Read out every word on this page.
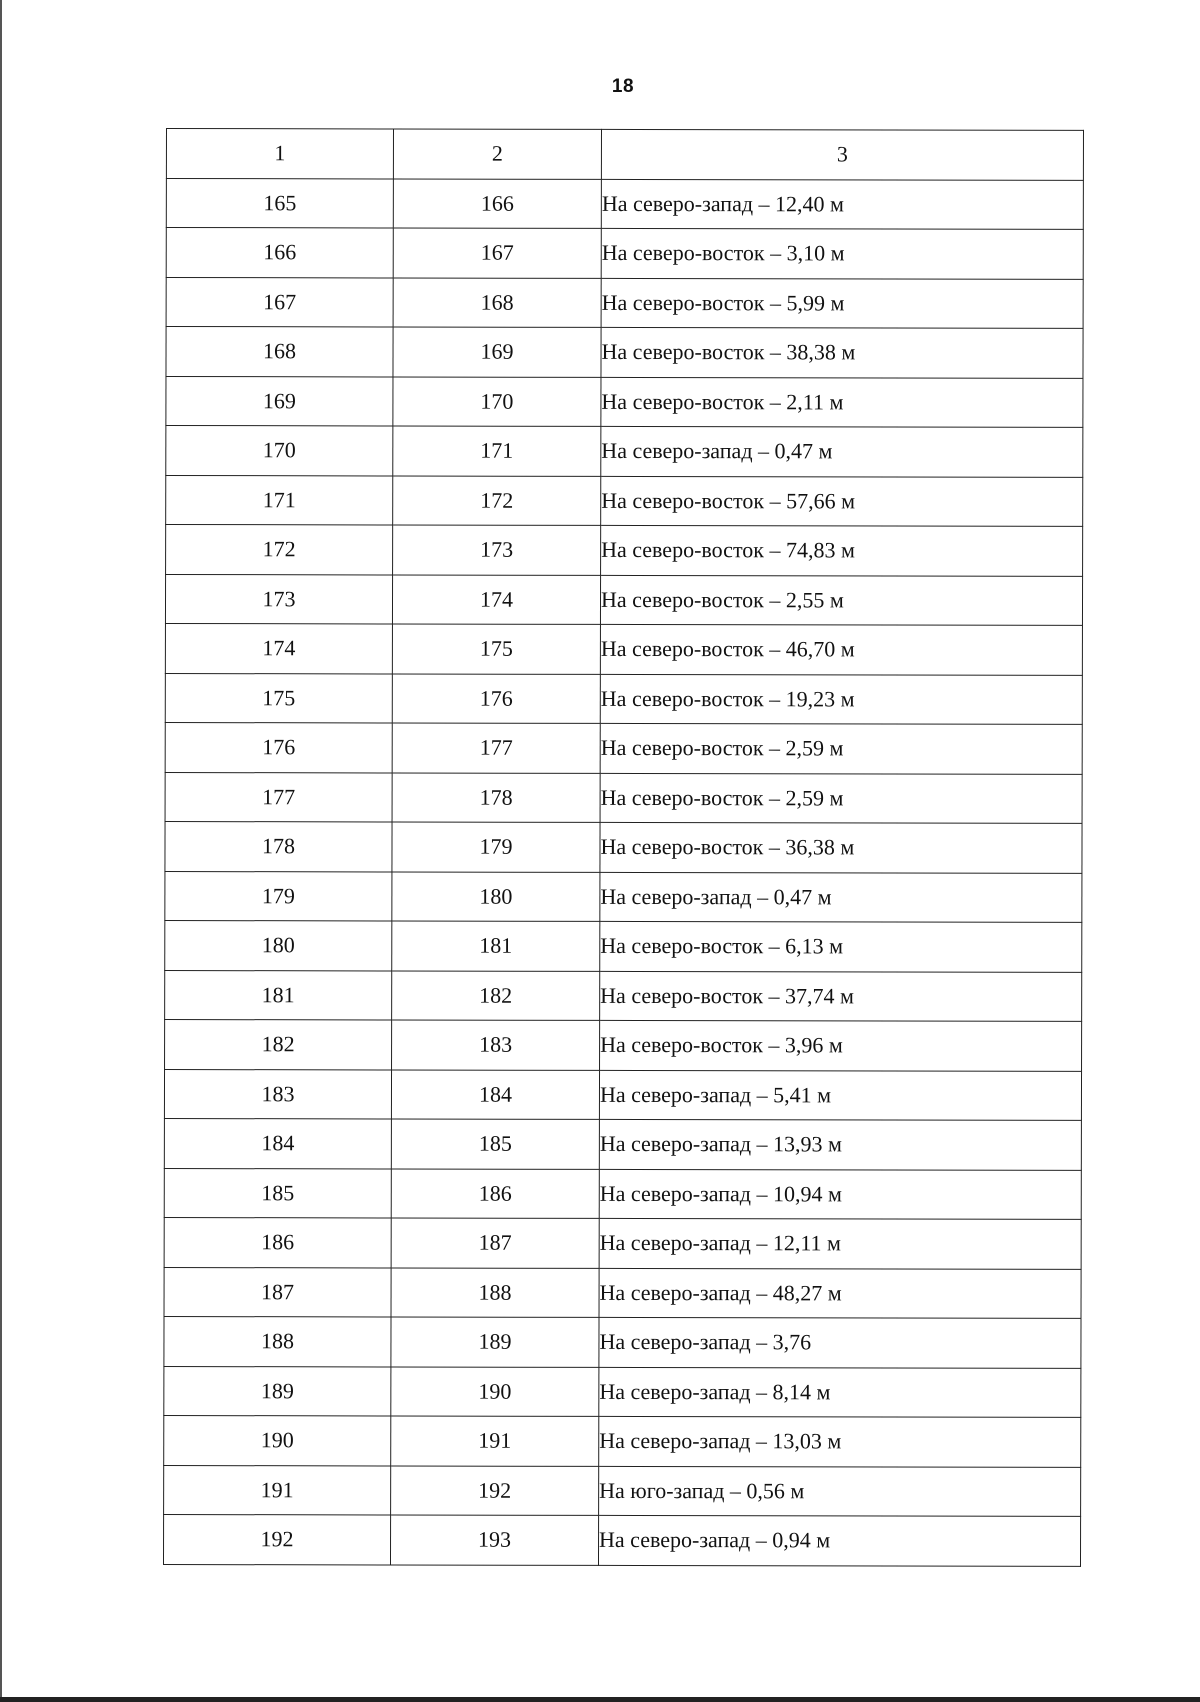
18
1	2	3
165	166	На северо-запад – 12,40 м
166	167	На северо-восток – 3,10 м
167	168	На северо-восток – 5,99 м
168	169	На северо-восток – 38,38 м
169	170	На северо-восток – 2,11 м
170	171	На северо-запад – 0,47 м
171	172	На северо-восток – 57,66 м
172	173	На северо-восток – 74,83 м
173	174	На северо-восток – 2,55 м
174	175	На северо-восток – 46,70 м
175	176	На северо-восток – 19,23 м
176	177	На северо-восток – 2,59 м
177	178	На северо-восток – 2,59 м
178	179	На северо-восток – 36,38 м
179	180	На северо-запад – 0,47 м
180	181	На северо-восток – 6,13 м
181	182	На северо-восток – 37,74 м
182	183	На северо-восток – 3,96 м
183	184	На северо-запад – 5,41 м
184	185	На северо-запад – 13,93 м
185	186	На северо-запад – 10,94 м
186	187	На северо-запад – 12,11 м
187	188	На северо-запад – 48,27 м
188	189	На северо-запад – 3,76
189	190	На северо-запад – 8,14 м
190	191	На северо-запад – 13,03 м
191	192	На юго-запад – 0,56 м
192	193	На северо-запад – 0,94 м
